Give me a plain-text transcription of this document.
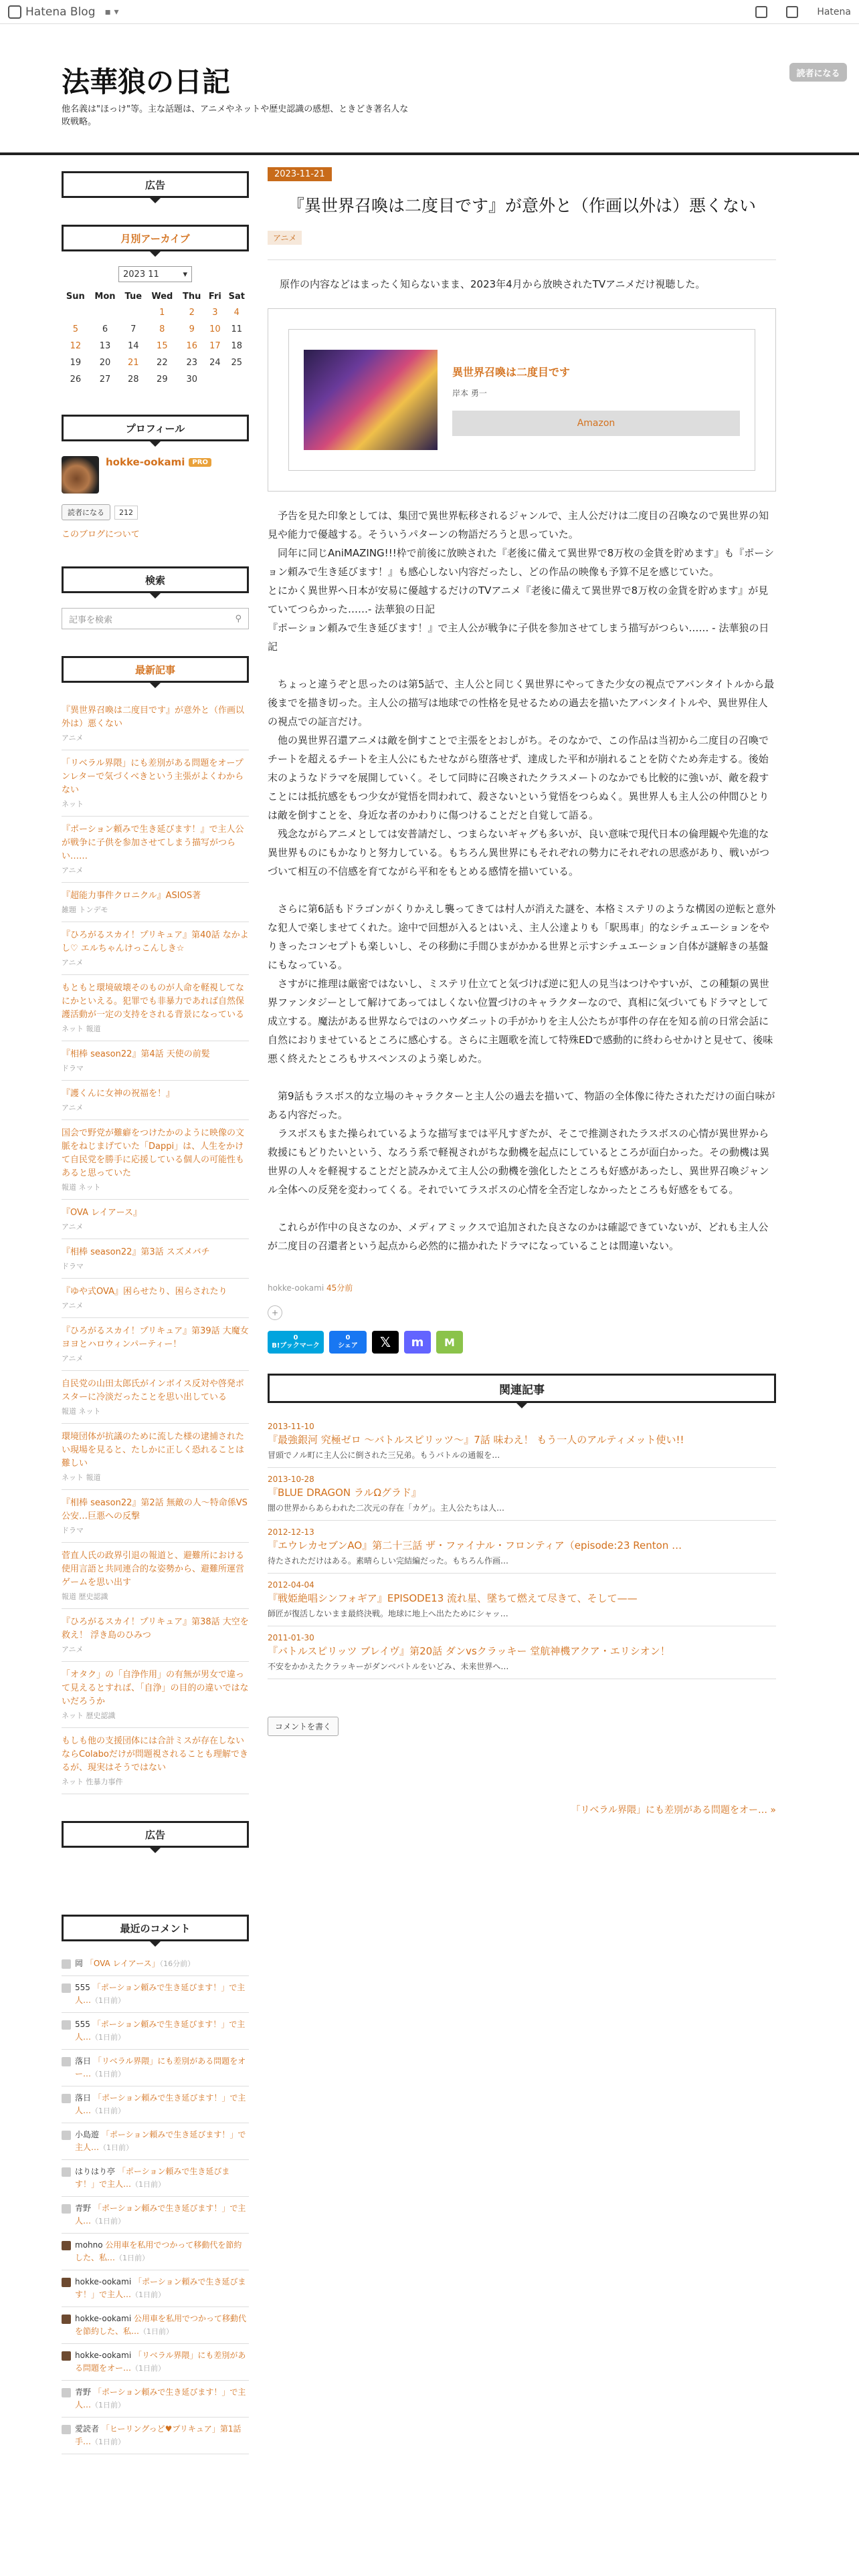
Hatena Blog ▪ ▾	Hatena
法華狼の日記
他名義は"ほっけ"等。主な話題は、アニメやネットや歴史認識の感想、ときどき著名人な敗戦略。
読者になる
広告
月別アーカイブ
2023 11	▾
Sun	Mon	Tue	Wed	Thu	Fri	Sat
			1	2	3	4
5	6	7	8	9	10	11
12	13	14	15	16	17	18
19	20	21	22	23	24	25
26	27	28	29	30		
プロフィール
hokke-ookami	PRO
読者になる	212
このブログについて
検索
記事を検索	⚲
最新記事
『異世界召喚は二度目です』が意外と（作画以外は）悪くない
アニメ
「リベラル界隈」にも差別がある問題をオープンレターで気づくべきという主張がよくわからない
ネット
『ポーション頼みで生き延びます！』で主人公が戦争に子供を参加させてしまう描写がつらい……
アニメ
『超能力事件クロニクル』ASIOS著
雑題 トンデモ
『ひろがるスカイ！プリキュア』第40話 なかよし♡ エルちゃんけっこんしき☆
アニメ
もともと環境破壊そのものが人命を軽視してなにかといえる。犯罪でも非暴力であれば自然保護活動が一定の支持をされる背景になっている
ネット 報道
『相棒 season22』第4話 天使の前髪
ドラマ
『護くんに女神の祝福を！』
アニメ
国会で野党が難癖をつけたかのように映像の文脈をねじまげていた「Dappi」は、人生をかけて自民党を勝手に応援している個人の可能性もあると思っていた
報道 ネット
『OVA レイアース』
アニメ
『相棒 season22』第3話 スズメバチ
ドラマ
『ゆや式OVA』困らせたり、困らされたり
アニメ
『ひろがるスカイ！プリキュア』第39話 大魔女ヨヨとハロウィンパーティー！
アニメ
自民党の山田太郎氏がインボイス反対や啓発ポスターに冷淡だったことを思い出している
報道 ネット
環境団体が抗議のために流した様の逮捕されたい現場を見ると、たしかに正しく恐れることは難しい
ネット 報道
『相棒 season22』第2話 無敵の人〜特命係VS公安…巨悪への反撃
ドラマ
菅直人氏の政界引退の報道と、避難所における使用言語と共同連合的な姿勢から、避難所運営ゲームを思い出す
報道 歴史認識
『ひろがるスカイ！プリキュア』第38話 大空を救え！ 浮き島のひみつ
アニメ
「オタク」の「自浄作用」の有無が男女で違って見えるとすれば、「自浄」の目的の違いではないだろうか
ネット 歴史認識
もしも他の支援団体には合計ミスが存在しないならColaboだけが問題視されることも理解できるが、現実はそうではない
ネット 性暴力事件
広告
最近のコメント
岡 「OVA レイアース」（16分前）
555 「ポーション頼みで生き延びます！」で主人…（1日前）
555 「ポーション頼みで生き延びます！」で主人…（1日前）
落日 「リベラル界隈」にも差別がある問題をオー…（1日前）
落日 「ポーション頼みで生き延びます！」で主人…（1日前）
小島遊 「ポーション頼みで生き延びます！」で主人…（1日前）
はりはり亭 「ポーション頼みで生き延びます！」で主人…（1日前）
青野 「ポーション頼みで生き延びます！」で主人…（1日前）
mohno 公用車を私用でつかって移動代を節約した、私…（1日前）
hokke-ookami 「ポーション頼みで生き延びます！」で主人…（1日前）
hokke-ookami 公用車を私用でつかって移動代を節約した、私…（1日前）
hokke-ookami 「リベラル界隈」にも差別がある問題をオー…（1日前）
青野 「ポーション頼みで生き延びます！」で主人…（1日前）
愛読者 「ヒーリングっど♥プリキュア」第1話 手…（1日前）
2023-11-21
『異世界召喚は二度目です』が意外と（作画以外は）悪くない
アニメ
原作の内容などはまったく知らないまま、2023年4月から放映されたTVアニメだけ視聴した。
異世界召喚は二度目です
岸本 勇一
Amazon
予告を見た印象としては、集団で異世界転移されるジャンルで、主人公だけは二度目の召喚なので異世界の知見や能力で優越する。そういうパターンの物語だろうと思っていた。
同年に同じAniMAZING!!!枠で前後に放映された『老後に備えて異世界で8万枚の金貨を貯めます』も『ポーション頼みで生き延びます！』も感心しない内容だったし、どの作品の映像も予算不足を感じていた。
とにかく異世界へ日本が安易に優越するだけのTVアニメ『老後に備えて異世界で8万枚の金貨を貯めます』が見ていてつらかった……- 法華狼の日記
『ポーション頼みで生き延びます！』で主人公が戦争に子供を参加させてしまう描写がつらい…… - 法華狼の日記
ちょっと違うぞと思ったのは第5話で、主人公と同じく異世界にやってきた少女の視点でアバンタイトルから最後までを描き切った。主人公の描写は地球での性格を見せるための過去を描いたアバンタイトルや、異世界住人の視点での証言だけ。
他の異世界召還アニメは敵を倒すことで主張をとおしがち。そのなかで、この作品は当初から二度目の召喚でチートを超えるチートを主人公にもたせながら堕落せず、達成した平和が崩れることを防ぐため奔走する。後始末のようなドラマを展開していく。そして同時に召喚されたクラスメートのなかでも比較的に強いが、敵を殺すことには抵抗感をもつ少女が覚悟を問われて、殺さないという覚悟をつらぬく。異世界人も主人公の仲間ひとりは敵を倒すことを、身近な者のかわりに傷つけることだと自覚して語る。
残念ながらアニメとしては安普請だし、つまらないギャグも多いが、良い意味で現代日本の倫理観や先進的な異世界ものにもかなりと努力している。もちろん異世界にもそれぞれの勢力にそれぞれの思惑があり、戦いがつづいて相互の不信感を育てながら平和をもとめる感情を描いている。
さらに第6話もドラゴンがくりかえし襲ってきては村人が消えた謎を、本格ミステリのような構図の逆転と意外な犯人で楽しませてくれた。途中で回想が入るとはいえ、主人公達よりも「駅馬車」的なシチュエーションをやりきったコンセプトも楽しいし、その移動に手間ひまがかかる世界と示すシチュエーション自体が謎解きの基盤にもなっている。
さすがに推理は厳密ではないし、ミステリ仕立てと気づけば逆に犯人の見当はつけやすいが、この種類の異世界ファンタジーとして解けてあってはしくない位置づけのキャラクターなので、真相に気づいてもドラマとして成立する。魔法がある世界ならではのハウダニットの手がかりを主人公たちが事件の存在を知る前の日常会話に自然におりませているところに感心する。さらに主題歌を流して特殊EDで感動的に終わらせかけと見せて、後味悪く終えたところもサスペンスのよう楽しめた。
第9話もラスボス的な立場のキャラクターと主人公の過去を描いて、物語の全体像に待たされただけの面白味がある内容だった。
ラスボスもまた操られているような描写までは平凡すぎたが、そこで推測されたラスボスの心情が異世界から救援にもどりたいという、なろう系で軽視されがちな動機を起点にしているところが面白かった。その動機は異世界の人々を軽視することだと読みかえて主人公の動機を強化したところも好感があったし、異世界召喚ジャンル全体への反発を変わってくる。それでいてラスボスの心情を全否定しなかったところも好感をもてる。
これらが作中の良さなのか、メディアミックスで追加された良さなのかは確認できていないが、どれも主人公が二度目の召還者という起点から必然的に描かれたドラマになっていることは間違いない。
hokke-ookami 45分前
+
0
B!ブックマーク
0
シェア	𝕏	m	M
関連記事
2013-11-10
『最強銀河 究極ゼロ 〜バトルスピリッツ〜』7話 味わえ！ もう一人のアルティメット使い!!
冒頭でノル町に主人公に倒された三兄弟。もうバトルの通報を…
2013-10-28
『BLUE DRAGON ラルΩグラド』
闇の世界からあらわれた二次元の存在「カゲ」。主人公たちは人…
2012-12-13
『エウレカセブンAO』第二十三話 ザ・ファイナル・フロンティア（episode:23 Renton …
待たされただけはある。素晴らしい完結編だった。もちろん作画…
2012-04-04
『戦姫絶唱シンフォギア』EPISODE13 流れ星、墜ちて燃えて尽きて、そして——
師匠が復活しないまま最終決戦。地球に地上へ出たためにシャッ…
2011-01-30
『バトルスピリッツ ブレイヴ』第20話 ダンvsクラッキー 堂航神機アクア・エリシオン！
不安をかかえたクラッキーがダンベバトルをいどみ、未来世界へ…
コメントを書く
「リベラル界隈」にも差別がある問題をオー… »
